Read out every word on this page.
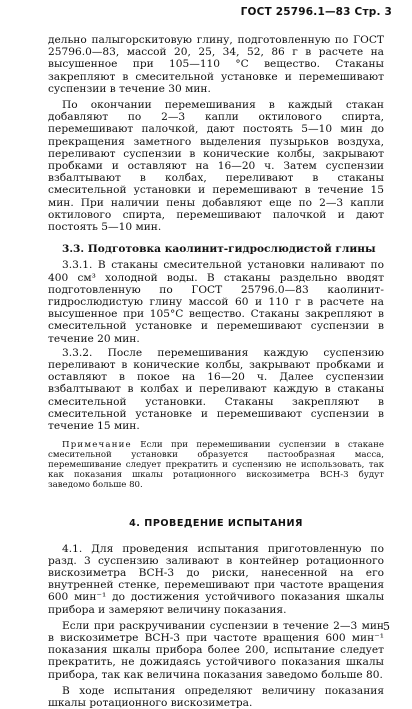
ГОСТ 25796.1—83 Стр. 3

дельно палыгорскитовую глину, подготовленную по ГОСТ 25796.0—83, массой 20, 25, 34, 52, 86 г в расчете на высушенное при 105—110 °С вещество. Стаканы закрепляют в смесительной установке и перемешивают суспензии в течение 30 мин.

По окончании перемешивания в каждый стакан добавляют по 2—3 капли октилового спирта, перемешивают палочкой, дают постоять 5—10 мин до прекращения заметного выделения пузырьков воздуха, переливают суспензии в конические колбы, закрывают пробками и оставляют на 16—20 ч. Затем суспензии взбалтывают в колбах, переливают в стаканы смесительной установки и перемешивают в течение 15 мин. При наличии пены добавляют еще по 2—3 капли октилового спирта, перемешивают палочкой и дают постоять 5—10 мин.

3.3. Подготовка каолинит-гидрослюдистой глины

3.3.1. В стаканы смесительной установки наливают по 400 см³ холодной воды. В стаканы раздельно вводят подготовленную по ГОСТ 25796.0—83 каолинит-гидрослюдистую глину массой 60 и 110 г в расчете на высушенное при 105°С вещество. Стаканы закрепляют в смесительной установке и перемешивают суспензии в течение 20 мин.

3.3.2. После перемешивания каждую суспензию переливают в конические колбы, закрывают пробками и оставляют в покое на 16—20 ч. Далее суспензии взбалтывают в колбах и переливают каждую в стаканы смесительной установки. Стаканы закрепляют в смесительной установке и перемешивают суспензии в течение 15 мин.

Примечание Если при перемешивании суспензии в стакане смесительной установки образуется пастообразная масса, перемешивание следует прекратить и суспензию не использовать, так как показания шкалы ротационного вискозиметра ВСН-3 будут заведомо больше 80.

4. ПРОВЕДЕНИЕ ИСПЫТАНИЯ

4.1. Для проведения испытания приготовленную по разд. 3 суспензию заливают в контейнер ротационного вискозиметра ВСН-3 до риски, нанесенной на его внутренней стенке, перемешивают при частоте вращения 600 мин⁻¹ до достижения устойчивого показания шкалы прибора и замеряют величину показания.

Если при раскручивании суспензии в течение 2—3 мин в вискозиметре ВСН-3 при частоте вращения 600 мин⁻¹ показания шкалы прибора более 200, испытание следует прекратить, не дожидаясь устойчивого показания шкалы прибора, так как величина показания заведомо больше 80.

В ходе испытания определяют величину показания шкалы ротационного вискозиметра.

5
